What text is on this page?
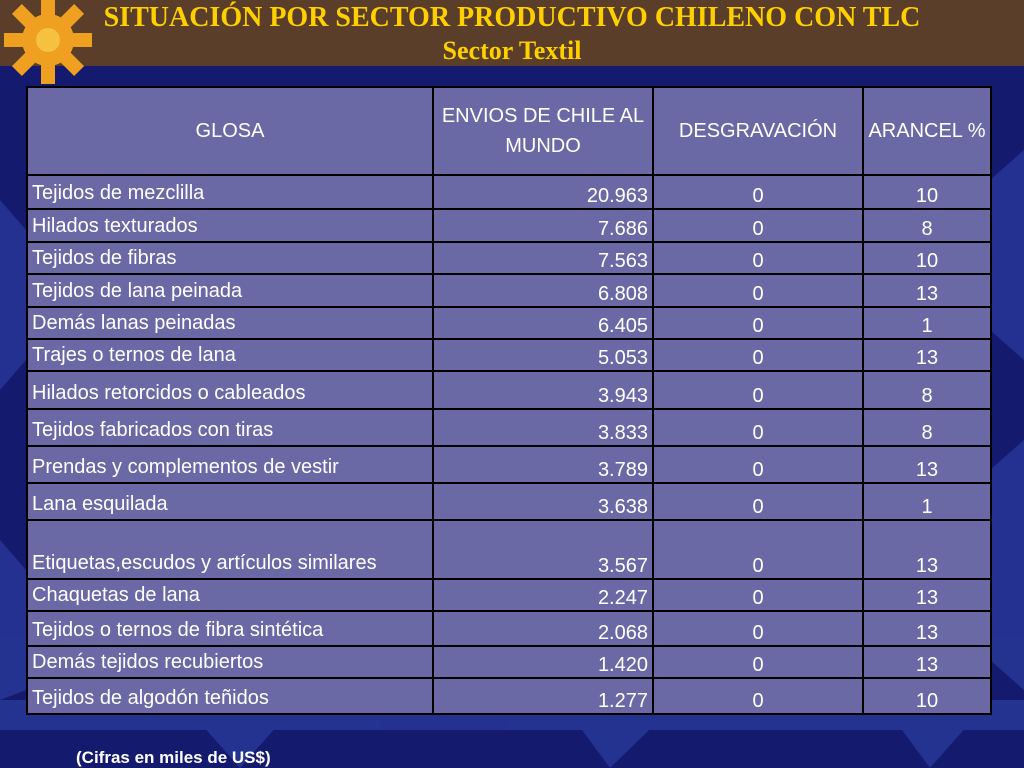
SITUACIÓN POR SECTOR PRODUCTIVO CHILENO CON TLC
Sector Textil
GLOSA	ENVIOS DE CHILE AL MUNDO	DESGRAVACIÓN	ARANCEL %
Tejidos de mezclilla	20.963	0	10
Hilados texturados	7.686	0	8
Tejidos de fibras	7.563	0	10
Tejidos de lana peinada	6.808	0	13
Demás lanas peinadas	6.405	0	1
Trajes o ternos de lana	5.053	0	13
Hilados retorcidos o cableados	3.943	0	8
Tejidos fabricados con tiras	3.833	0	8
Prendas y complementos de vestir	3.789	0	13
Lana esquilada	3.638	0	1
Etiquetas,escudos y artículos similares	3.567	0	13
Chaquetas de lana	2.247	0	13
Tejidos o ternos de fibra sintética	2.068	0	13
Demás tejidos recubiertos	1.420	0	13
Tejidos de algodón teñidos	1.277	0	10
(Cifras en miles de US$)
